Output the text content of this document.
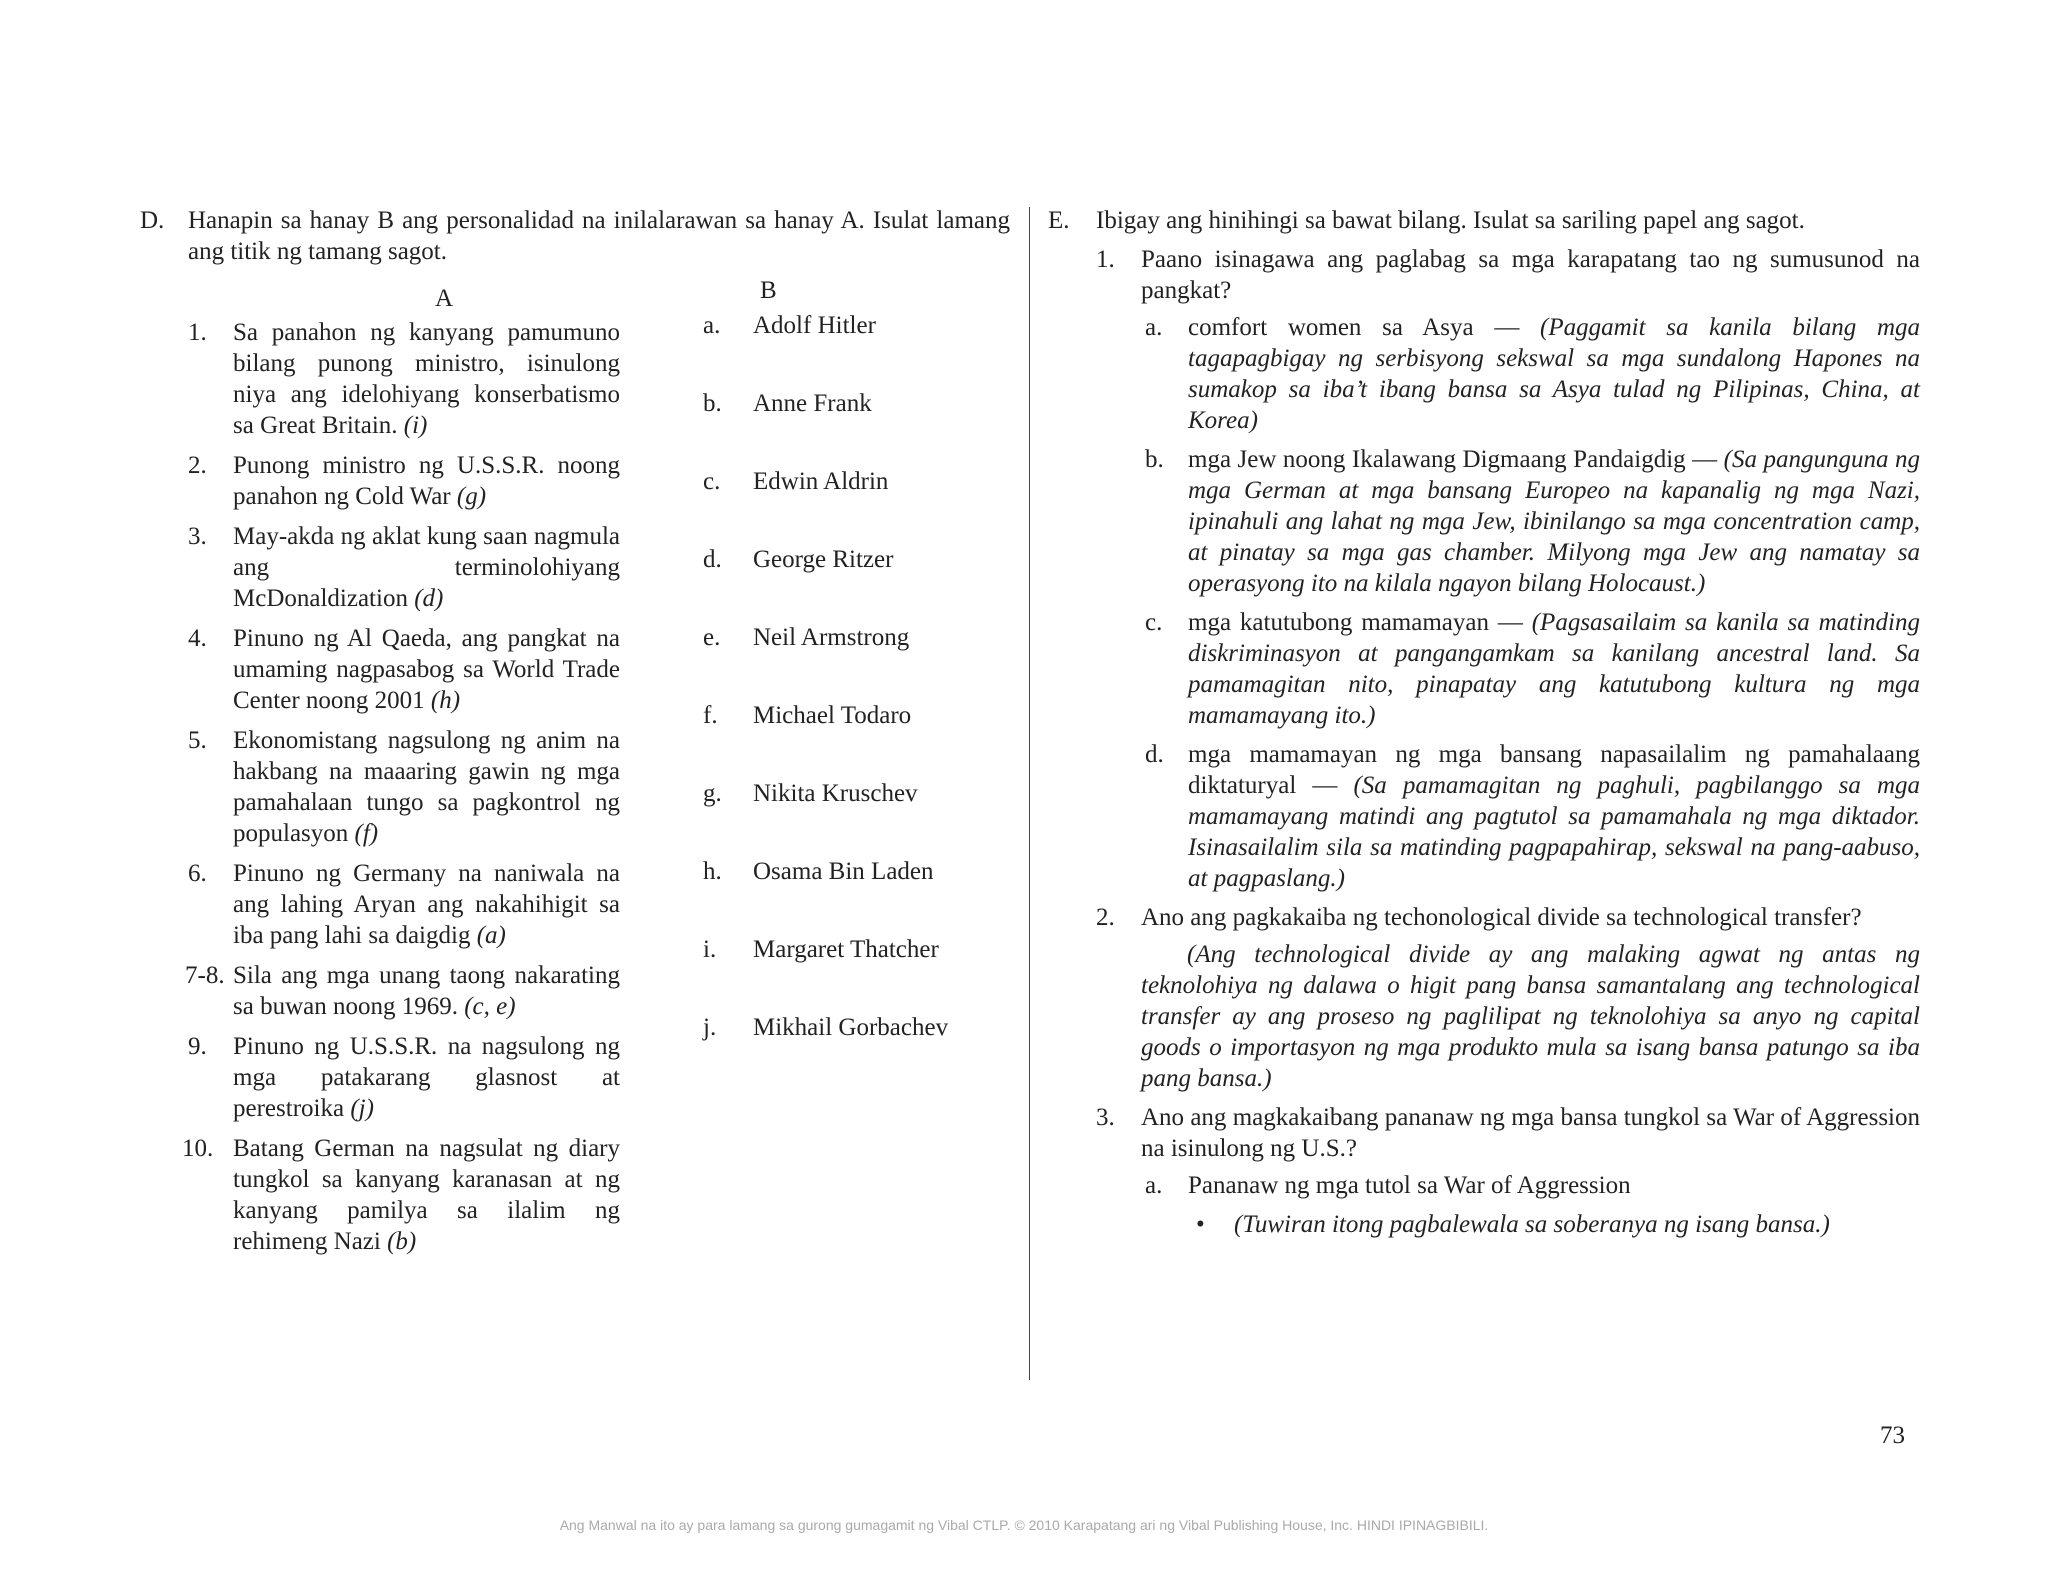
D. Hanapin sa hanay B ang personalidad na inilalarawan sa hanay A. Isulat lamang ang titik ng tamang sagot.
A	B
1. Sa panahon ng kanyang pamumuno bilang punong ministro, isinulong niya ang idelohiyang konserbatismo sa Great Britain. (i)
2. Punong ministro ng U.S.S.R. noong panahon ng Cold War (g)
3. May-akda ng aklat kung saan nagmula ang terminolohiyang McDonaldization (d)
4. Pinuno ng Al Qaeda, ang pangkat na umaming nagpasabog sa World Trade Center noong 2001 (h)
5. Ekonomistang nagsulong ng anim na hakbang na maaaring gawin ng mga pamahalaan tungo sa pagkontrol ng populasyon (f)
6. Pinuno ng Germany na naniwala na ang lahing Aryan ang nakahihigit sa iba pang lahi sa daigdig (a)
7-8. Sila ang mga unang taong nakarating sa buwan noong 1969. (c, e)
9. Pinuno ng U.S.S.R. na nagsulong ng mga patakarang glasnost at perestroika (j)
10. Batang German na nagsulat ng diary tungkol sa kanyang karanasan at ng kanyang pamilya sa ilalim ng rehimeng Nazi (b)
a. Adolf Hitler
b. Anne Frank
c. Edwin Aldrin
d. George Ritzer
e. Neil Armstrong
f. Michael Todaro
g. Nikita Kruschev
h. Osama Bin Laden
i. Margaret Thatcher
j. Mikhail Gorbachev
E. Ibigay ang hinihingi sa bawat bilang. Isulat sa sariling papel ang sagot.
1. Paano isinagawa ang paglabag sa mga karapatang tao ng sumusunod na pangkat?
a. comfort women sa Asya — (Paggamit sa kanila bilang mga tagapagbigay ng serbisyong sekswal sa mga sundalong Hapones na sumakop sa iba’t ibang bansa sa Asya tulad ng Pilipinas, China, at Korea)
b. mga Jew noong Ikalawang Digmaang Pandaigdig — (Sa pangunguna ng mga German at mga bansang Europeo na kapanalig ng mga Nazi, ipinahuli ang lahat ng mga Jew, ibinilango sa mga concentration camp, at pinatay sa mga gas chamber. Milyong mga Jew ang namatay sa operasyong ito na kilala ngayon bilang Holocaust.)
c. mga katutubong mamamayan — (Pagsasailaim sa kanila sa matinding diskriminasyon at pangangamkam sa kanilang ancestral land. Sa pamamagitan nito, pinapatay ang katutubong kultura ng mga mamamayang ito.)
d. mga mamamayan ng mga bansang napasailalim ng pamahalaang diktaturyal — (Sa pamamagitan ng paghuli, pagbilanggo sa mga mamamayang matindi ang pagtutol sa pamamahala ng mga diktador. Isinasailalim sila sa matinding pagpapahirap, sekswal na pang-aabuso, at pagpaslang.)
2. Ano ang pagkakaiba ng techonological divide sa technological transfer?
(Ang technological divide ay ang malaking agwat ng antas ng teknolohiya ng dalawa o higit pang bansa samantalang ang technological transfer ay ang proseso ng paglilipat ng teknolohiya sa anyo ng capital goods o importasyon ng mga produkto mula sa isang bansa patungo sa iba pang bansa.)
3. Ano ang magkakaibang pananaw ng mga bansa tungkol sa War of Aggression na isinulong ng U.S.?
a. Pananaw ng mga tutol sa War of Aggression
• (Tuwiran itong pagbalewala sa soberanya ng isang bansa.)
73
Ang Manwal na ito ay para lamang sa gurong gumagamit ng Vibal CTLP. © 2010 Karapatang ari ng Vibal Publishing House, Inc. HINDI IPINAGBIBILI.
